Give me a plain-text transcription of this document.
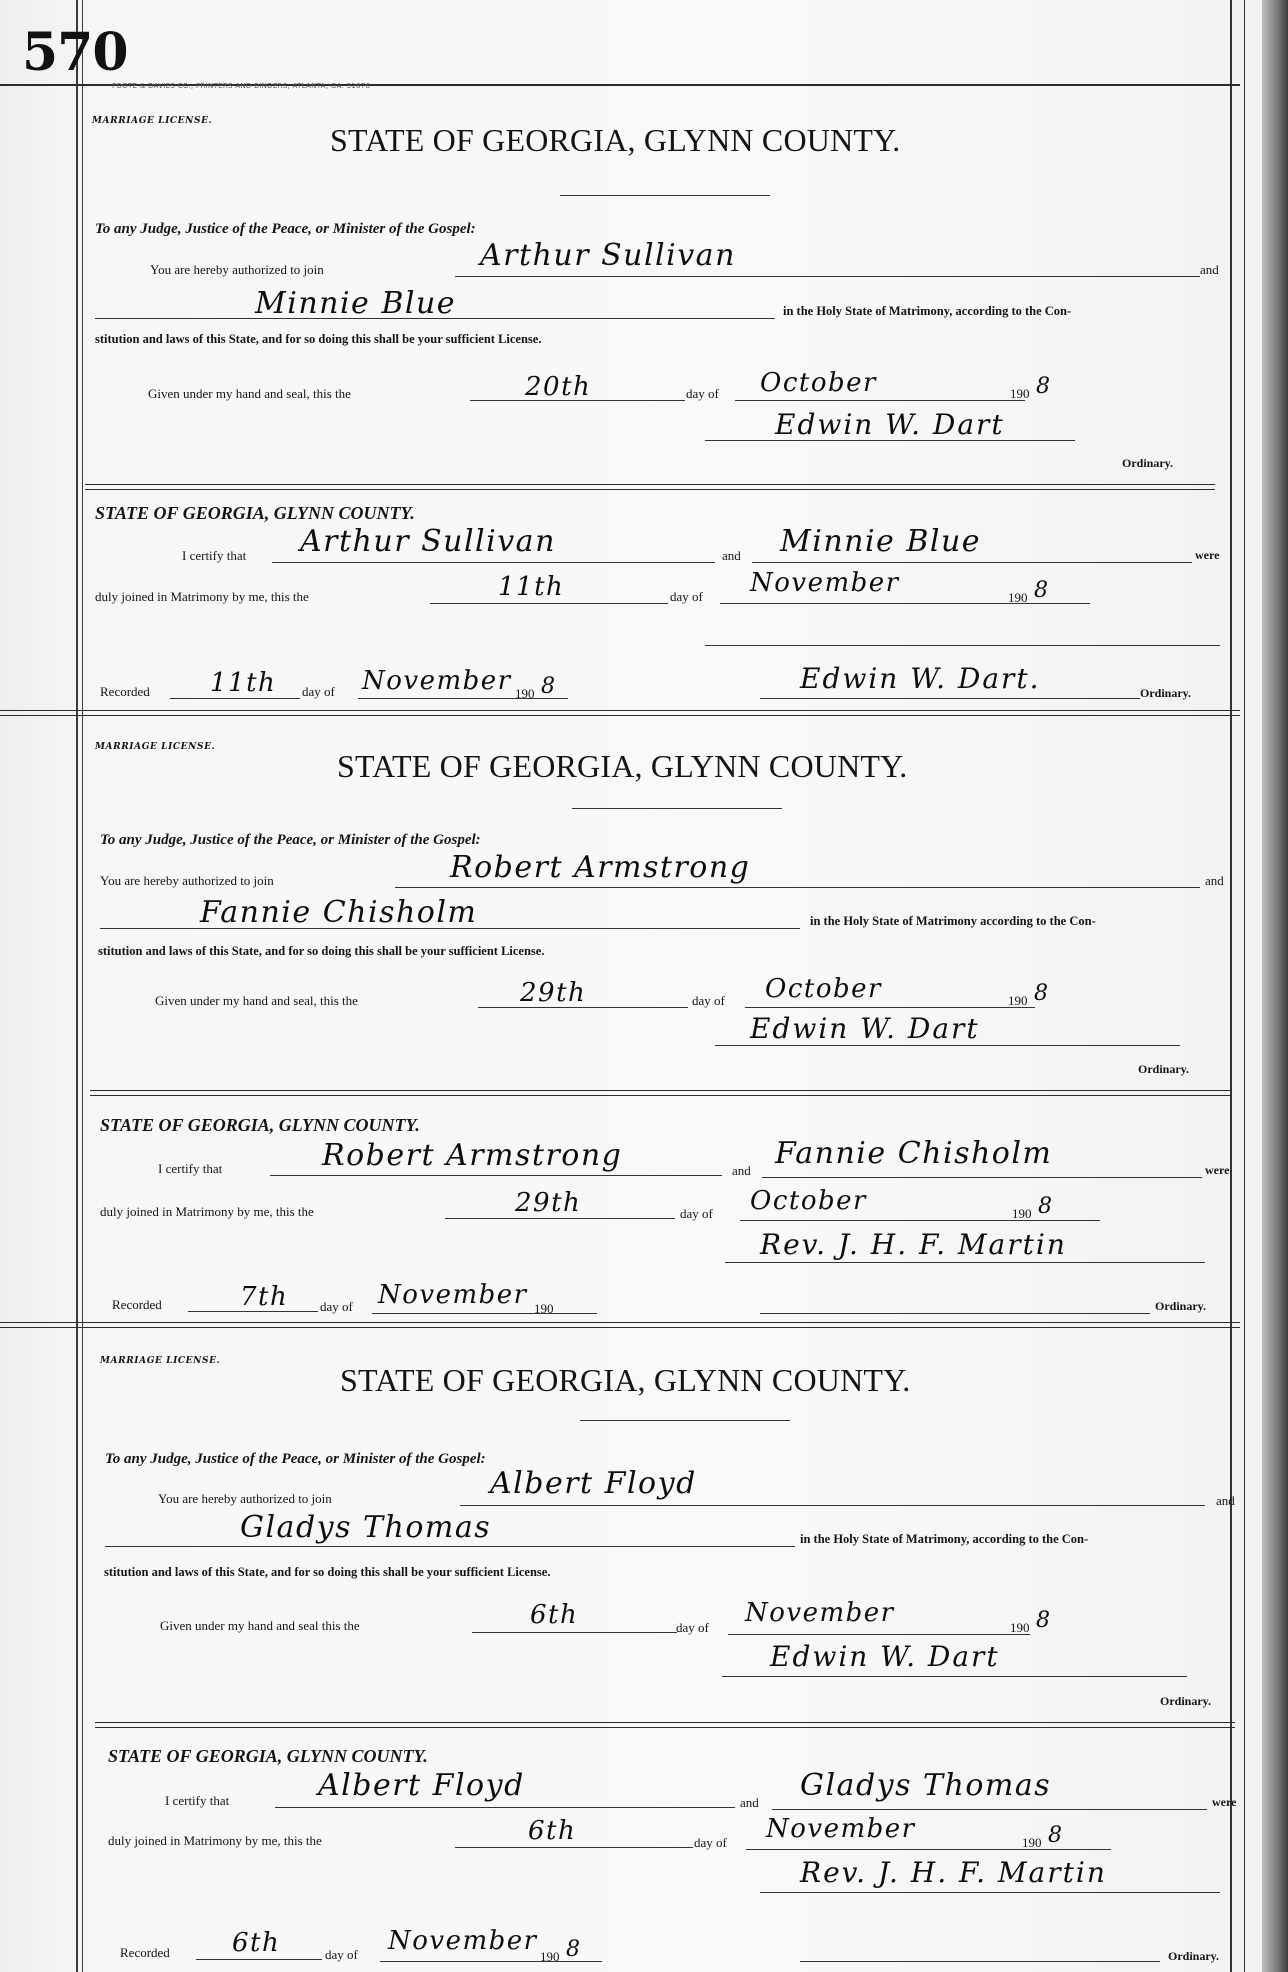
570
FOOTE & DAVIES CO., PRINTERS AND BINDERS, ATLANTA, GA. 31676
MARRIAGE LICENSE.
STATE OF GEORGIA, GLYNN COUNTY.
To any Judge, Justice of the Peace, or Minister of the Gospel:
You are hereby authorized to join	Arthur Sullivan	and
Minnie Blue	in the Holy State of Matrimony, according to the Con-
stitution and laws of this State, and for so doing this shall be your sufficient License.
Given under my hand and seal, this the	20th	day of October	190 8
Edwin W. Dart
Ordinary.
STATE OF GEORGIA, GLYNN COUNTY.
I certify that Arthur Sullivan	and Minnie Blue	were
duly joined in Matrimony by me, this the	11th	day of November	190 8
Recorded 11th day of November 190 8	Edwin W. Dart.	Ordinary.
MARRIAGE LICENSE.
STATE OF GEORGIA, GLYNN COUNTY.
To any Judge, Justice of the Peace, or Minister of the Gospel:
You are hereby authorized to join	Robert Armstrong	and
Fannie Chisholm	in the Holy State of Matrimony according to the Con-
stitution and laws of this State, and for so doing this shall be your sufficient License.
Given under my hand and seal, this the	29th	day of October	190 8
Edwin W. Dart
Ordinary.
STATE OF GEORGIA, GLYNN COUNTY.
I certify that	Robert Armstrong	and Fannie Chisholm	were
duly joined in Matrimony by me, this the	29th	day of October	190 8
Rev. J. H. F. Martin
Recorded	7th day of November 190	Ordinary.
MARRIAGE LICENSE.
STATE OF GEORGIA, GLYNN COUNTY.
To any Judge, Justice of the Peace, or Minister of the Gospel:
You are hereby authorized to join	Albert Floyd	and
Gladys Thomas	in the Holy State of Matrimony, according to the Con-
stitution and laws of this State, and for so doing this shall be your sufficient License.
Given under my hand and seal this the	6th	day of November	190 8
Edwin W. Dart
Ordinary.
STATE OF GEORGIA, GLYNN COUNTY.
I certify that	Albert Floyd	and Gladys Thomas	were
duly joined in Matrimony by me, this the	6th	day of November	190 8
Rev. J. H. F. Martin
Recorded 6th	day of November
190 8	Ordinary.
